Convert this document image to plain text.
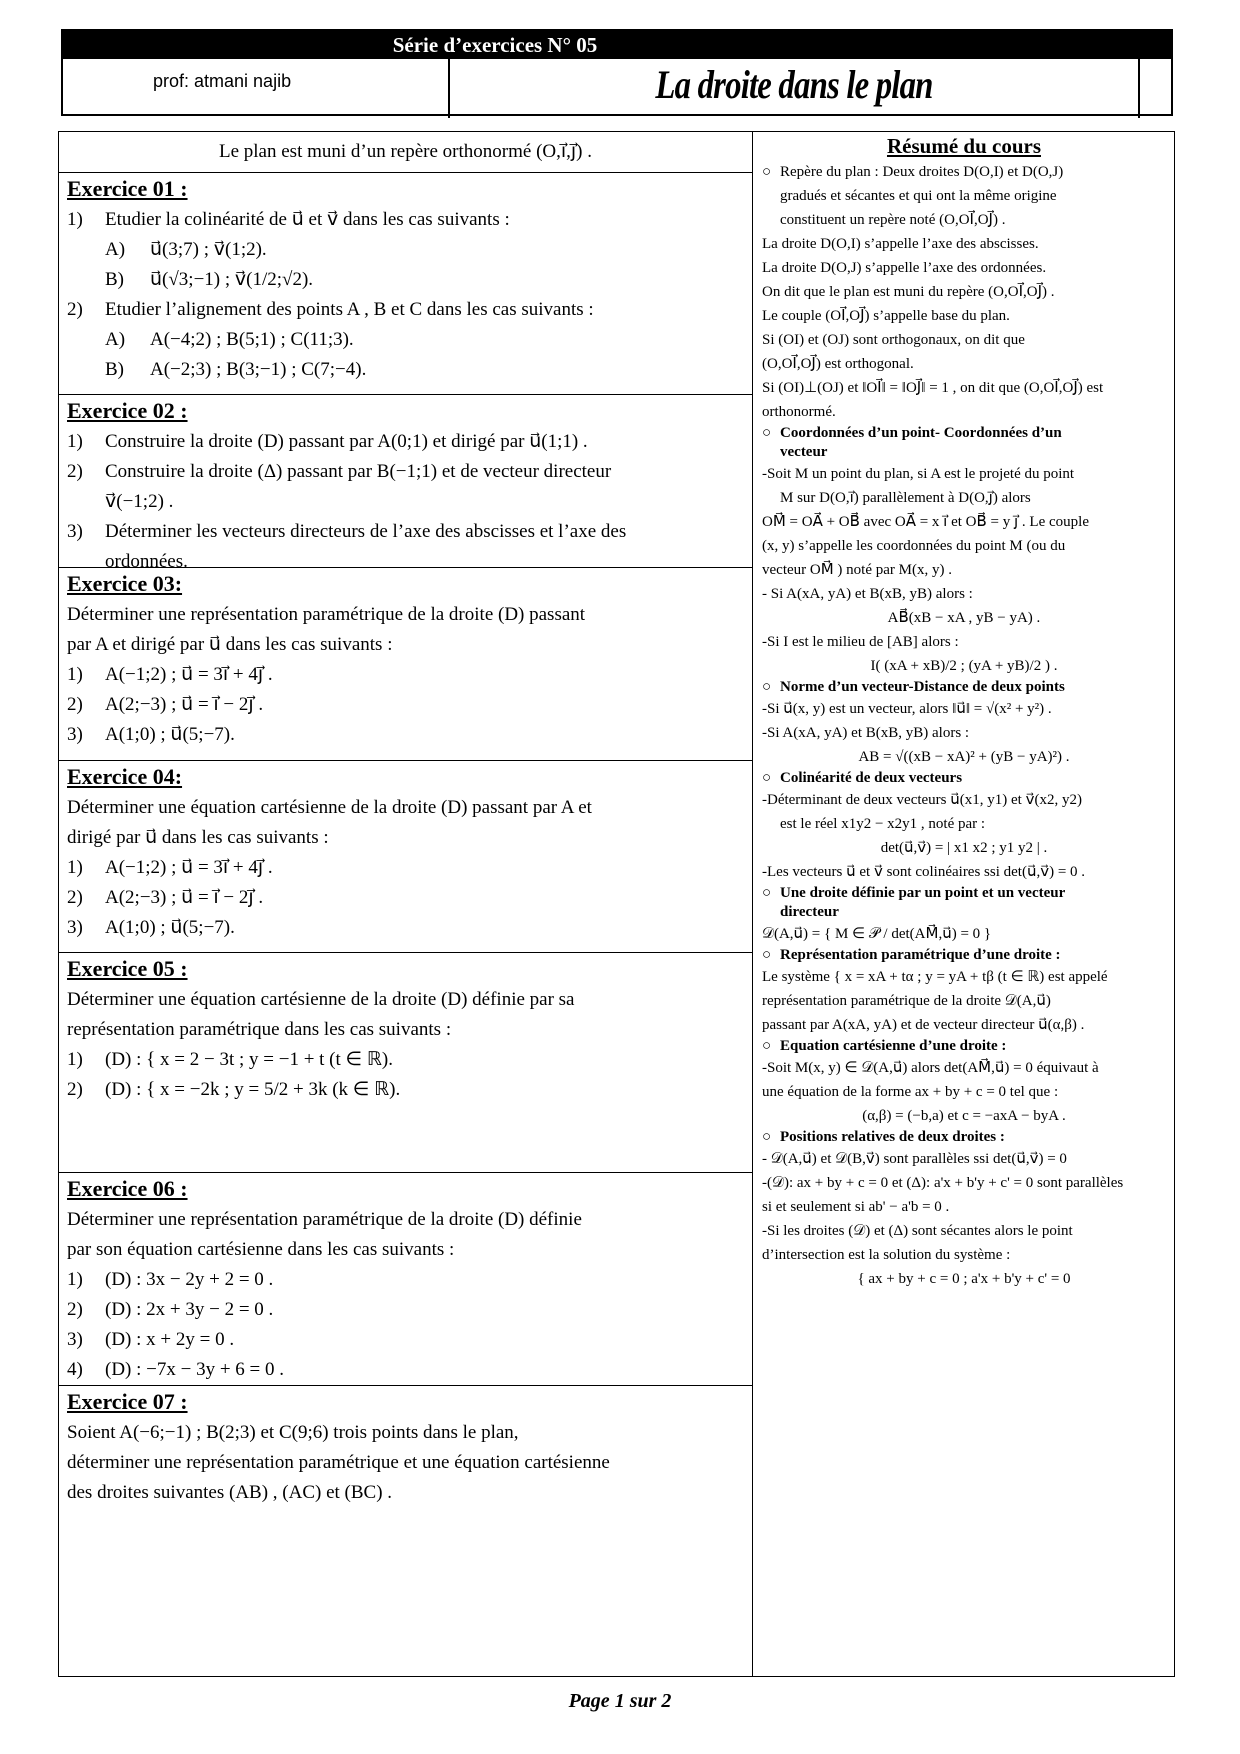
Série d’exercices N° 05
prof: atmani najib	La droite dans le plan
Le plan est muni d’un repère orthonormé (O,i⃗,j⃗) .
Exercice 01 :
1) Etudier la colinéarité de u⃗ et v⃗ dans les cas suivants :
A) u⃗(3;7) ; v⃗(1;2).
B) u⃗(√3;−1) ; v⃗(1/2;√2).
2) Etudier l’alignement des points A , B et C dans les cas suivants :
A) A(−4;2) ; B(5;1) ; C(11;3).
B) A(−2;3) ; B(3;−1) ; C(7;−4).
Exercice 02 :
1) Construire la droite (D) passant par A(0;1) et dirigé par u⃗(1;1) .
2) Construire la droite (Δ) passant par B(−1;1) et de vecteur directeur
v⃗(−1;2) .
3) Déterminer les vecteurs directeurs de l’axe des abscisses et l’axe des
ordonnées.
Exercice 03:
Déterminer une représentation paramétrique de la droite (D) passant
par A et dirigé par u⃗ dans les cas suivants :
1) A(−1;2) ; u⃗ = 3i⃗ + 4j⃗ .
2) A(2;−3) ; u⃗ = i⃗ − 2j⃗ .
3) A(1;0) ; u⃗(5;−7).
Exercice 04:
Déterminer une équation cartésienne de la droite (D) passant par A et
dirigé par u⃗ dans les cas suivants :
1) A(−1;2) ; u⃗ = 3i⃗ + 4j⃗ .
2) A(2;−3) ; u⃗ = i⃗ − 2j⃗ .
3) A(1;0) ; u⃗(5;−7).
Exercice 05 :
Déterminer une équation cartésienne de la droite (D) définie par sa
représentation paramétrique dans les cas suivants :
1) (D) : { x = 2 − 3t ; y = −1 + t (t ∈ ℝ).
2) (D) : { x = −2k ; y = 5/2 + 3k (k ∈ ℝ).
Exercice 06 :
Déterminer une représentation paramétrique de la droite (D) définie
par son équation cartésienne dans les cas suivants :
1) (D) : 3x − 2y + 2 = 0 .
2) (D) : 2x + 3y − 2 = 0 .
3) (D) : x + 2y = 0 .
4) (D) : −7x − 3y + 6 = 0 .
Exercice 07 :
Soient A(−6;−1) ; B(2;3) et C(9;6) trois points dans le plan,
déterminer une représentation paramétrique et une équation cartésienne
des droites suivantes (AB) , (AC) et (BC) .
Résumé du cours
○ Repère du plan : Deux droites D(O,I) et D(O,J)
gradués et sécantes et qui ont la même origine
constituent un repère noté (O,OI⃗,OJ⃗) .
La droite D(O,I) s’appelle l’axe des abscisses.
La droite D(O,J) s’appelle l’axe des ordonnées.
On dit que le plan est muni du repère (O,OI⃗,OJ⃗) .
Le couple (OI⃗,OJ⃗) s’appelle base du plan.
Si (OI) et (OJ) sont orthogonaux, on dit que
(O,OI⃗,OJ⃗) est orthogonal.
Si (OI)⊥(OJ) et ‖OI⃗‖ = ‖OJ⃗‖ = 1 , on dit que (O,OI⃗,OJ⃗) est
orthonormé.
○ Coordonnées d’un point- Coordonnées d’un
vecteur
-Soit M un point du plan, si A est le projeté du point
M sur D(O,i⃗) parallèlement à D(O,j⃗) alors
OM⃗ = OA⃗ + OB⃗ avec OA⃗ = x i⃗ et OB⃗ = y j⃗ . Le couple
(x, y) s’appelle les coordonnées du point M (ou du
vecteur OM⃗ ) noté par M(x, y) .
- Si A(xA, yA) et B(xB, yB) alors :
AB⃗(xB − xA , yB − yA) .
-Si I est le milieu de [AB] alors :
I( (xA + xB)/2 ; (yA + yB)/2 ) .
○ Norme d’un vecteur-Distance de deux points
-Si u⃗(x, y) est un vecteur, alors ‖u⃗‖ = √(x² + y²) .
-Si A(xA, yA) et B(xB, yB) alors :
AB = √((xB − xA)² + (yB − yA)²) .
○ Colinéarité de deux vecteurs
-Déterminant de deux vecteurs u⃗(x1, y1) et v⃗(x2, y2)
est le réel x1y2 − x2y1 , noté par :
det(u⃗,v⃗) = | x1 x2 ; y1 y2 | .
-Les vecteurs u⃗ et v⃗ sont colinéaires ssi det(u⃗,v⃗) = 0 .
○ Une droite définie par un point et un vecteur
directeur
𝒟(A,u⃗) = { M ∈ 𝒫 / det(AM⃗,u⃗) = 0 }
○ Représentation paramétrique d’une droite :
Le système { x = xA + tα ; y = yA + tβ (t ∈ ℝ) est appelé
représentation paramétrique de la droite 𝒟(A,u⃗)
passant par A(xA, yA) et de vecteur directeur u⃗(α,β) .
○ Equation cartésienne d’une droite :
-Soit M(x, y) ∈ 𝒟(A,u⃗) alors det(AM⃗,u⃗) = 0 équivaut à
une équation de la forme ax + by + c = 0 tel que :
(α,β) = (−b,a) et c = −axA − byA .
○ Positions relatives de deux droites :
- 𝒟(A,u⃗) et 𝒟(B,v⃗) sont parallèles ssi det(u⃗,v⃗) = 0
-(𝒟): ax + by + c = 0 et (Δ): a'x + b'y + c' = 0 sont parallèles
si et seulement si ab' − a'b = 0 .
-Si les droites (𝒟) et (Δ) sont sécantes alors le point
d’intersection est la solution du système :
{ ax + by + c = 0 ; a'x + b'y + c' = 0
Page 1 sur 2
